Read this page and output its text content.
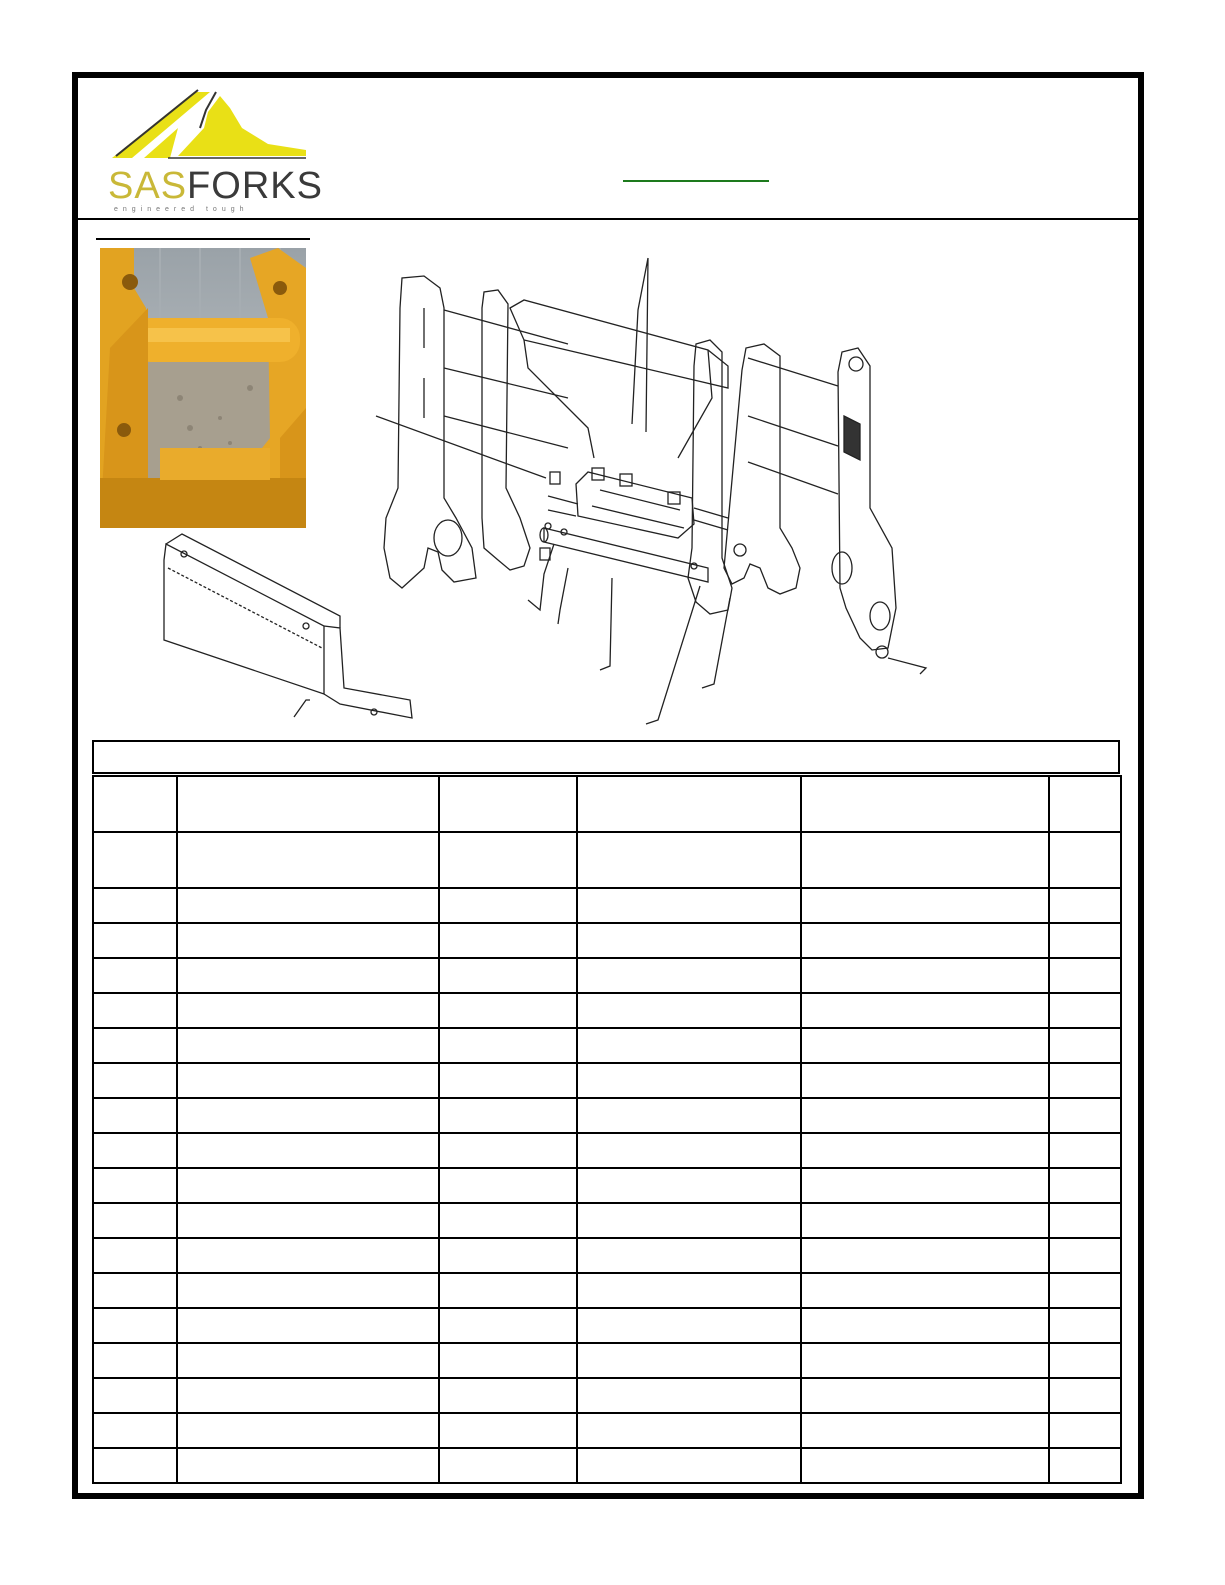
SASFORKS
engineered tough
